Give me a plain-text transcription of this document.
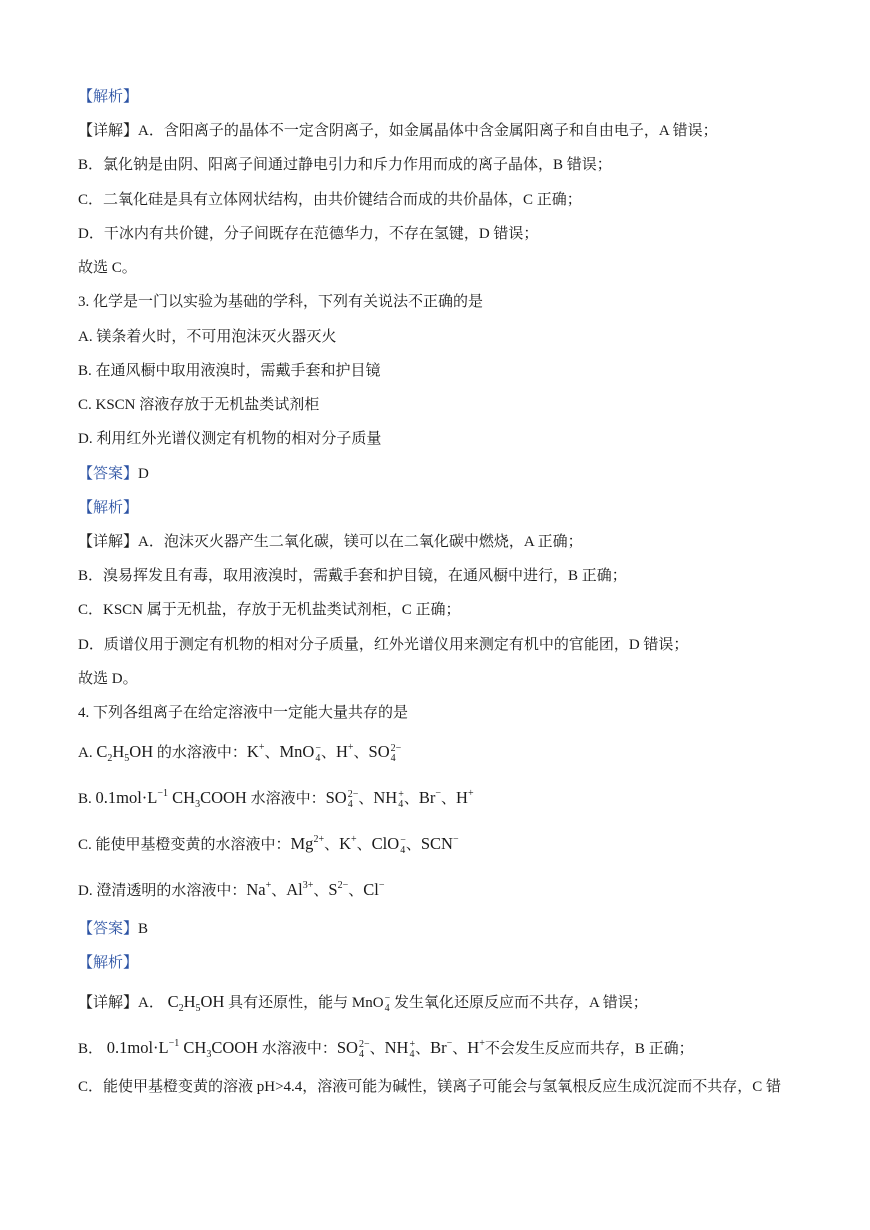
【解析】
【详解】A．含阳离子的晶体不一定含阴离子，如金属晶体中含金属阳离子和自由电子，A 错误；
B．氯化钠是由阴、阳离子间通过静电引力和斥力作用而成的离子晶体，B 错误；
C．二氧化硅是具有立体网状结构，由共价键结合而成的共价晶体，C 正确；
D．干冰内有共价键，分子间既存在范德华力，不存在氢键，D 错误；
故选 C。
3. 化学是一门以实验为基础的学科，下列有关说法不正确的是
A. 镁条着火时，不可用泡沫灭火器灭火
B. 在通风橱中取用液溴时，需戴手套和护目镜
C. KSCN 溶液存放于无机盐类试剂柜
D. 利用红外光谱仪测定有机物的相对分子质量
【答案】D
【解析】
【详解】A．泡沫灭火器产生二氧化碳，镁可以在二氧化碳中燃烧，A 正确；
B．溴易挥发且有毒，取用液溴时，需戴手套和护目镜，在通风橱中进行，B 正确；
C．KSCN 属于无机盐，存放于无机盐类试剂柜，C 正确；
D．质谱仪用于测定有机物的相对分子质量，红外光谱仪用来测定有机中的官能团，D 错误；
故选 D。
4. 下列各组离子在给定溶液中一定能大量共存的是
A. $C_2H_5OH$ 的水溶液中：K+、MnO −
4 、H+、SO 2−
4
B. $0.1mol\cdot L^{-1}$ $CH_3COOH$ 水溶液中：SO 2−
4 、NH +
4 、Br−、H+
C. 能使甲基橙变黄的水溶液中：$Mg^{2+}$、K+、ClO −
4 、SCN−
D. 澄清透明的水溶液中：Na+、$Al^{3+}$、$S^{2-}$、Cl−
【答案】B
【解析】
【详解】A． $C_2H_5OH$ 具有还原性，能与 MnO −
4 发生氧化还原反应而不共存，A 错误；
B． $0.1mol\cdot L^{-1}$ $CH_3COOH$ 水溶液中：SO 2−
4 、NH +
4 、Br−、H+不会发生反应而共存，B 正确；
C．能使甲基橙变黄的溶液 pH>4.4，溶液可能为碱性，镁离子可能会与氢氧根反应生成沉淀而不共存，C 错
